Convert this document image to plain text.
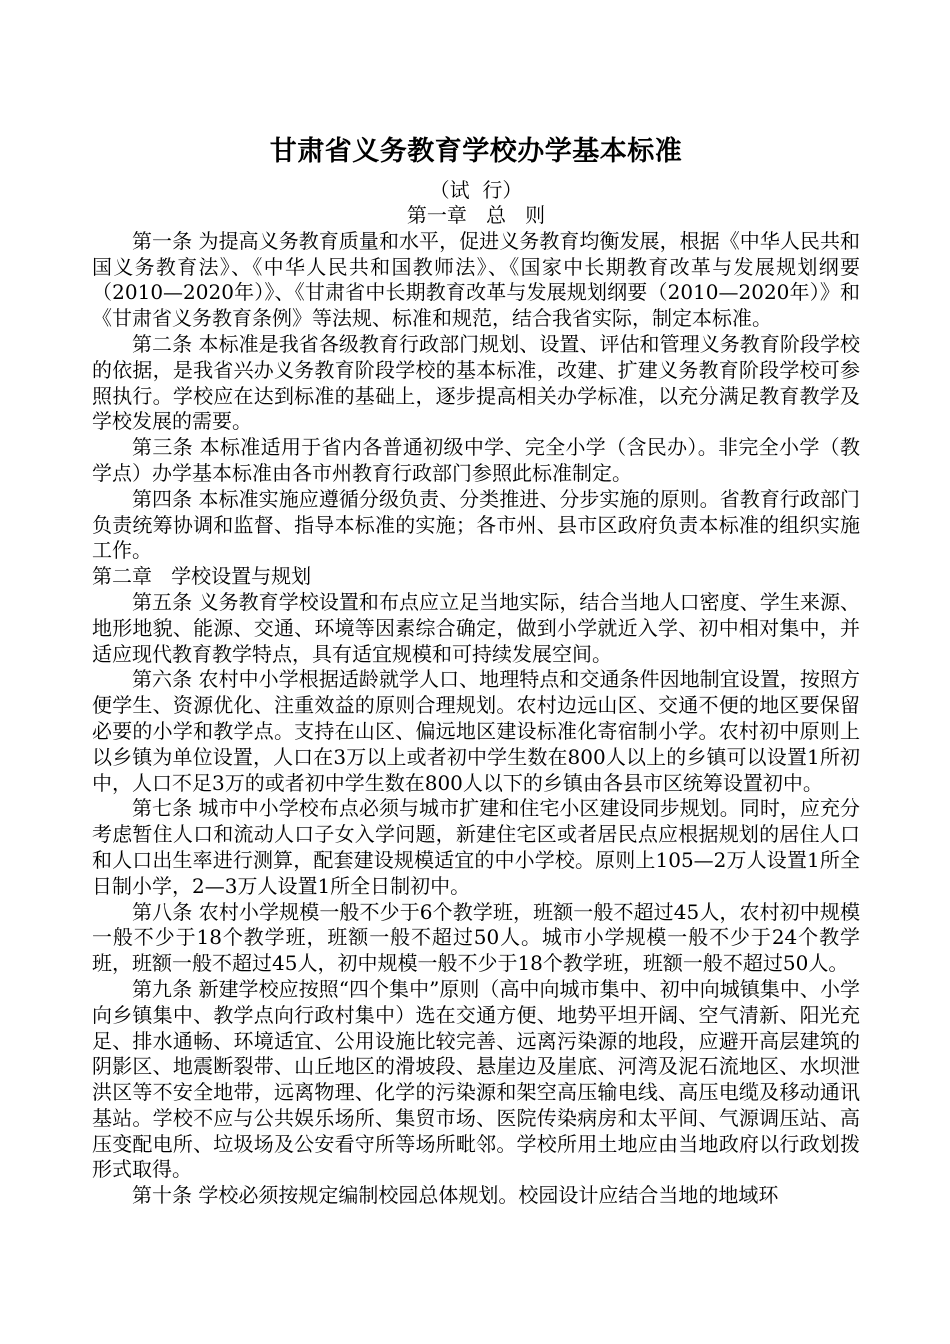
甘肃省义务教育学校办学基本标准
（试  行）
第一章   总   则

第一条 为提高义务教育质量和水平，促进义务教育均衡发展，根据《中华人民共和国义务教育法》、《中华人民共和国教师法》、《国家中长期教育改革与发展规划纲要（2010—2020年）》、《甘肃省中长期教育改革与发展规划纲要（2010—2020年）》和《甘肃省义务教育条例》等法规、标准和规范，结合我省实际，制定本标准。

第二条 本标准是我省各级教育行政部门规划、设置、评估和管理义务教育阶段学校的依据，是我省兴办义务教育阶段学校的基本标准，改建、扩建义务教育阶段学校可参照执行。学校应在达到标准的基础上，逐步提高相关办学标准，以充分满足教育教学及学校发展的需要。

第三条 本标准适用于省内各普通初级中学、完全小学（含民办）。非完全小学（教学点）办学基本标准由各市州教育行政部门参照此标准制定。

第四条 本标准实施应遵循分级负责、分类推进、分步实施的原则。省教育行政部门负责统筹协调和监督、指导本标准的实施；各市州、县市区政府负责本标准的组织实施工作。

第二章   学校设置与规划

第五条 义务教育学校设置和布点应立足当地实际，结合当地人口密度、学生来源、地形地貌、能源、交通、环境等因素综合确定，做到小学就近入学、初中相对集中，并适应现代教育教学特点，具有适宜规模和可持续发展空间。

第六条 农村中小学根据适龄就学人口、地理特点和交通条件因地制宜设置，按照方便学生、资源优化、注重效益的原则合理规划。农村边远山区、交通不便的地区要保留必要的小学和教学点。支持在山区、偏远地区建设标准化寄宿制小学。农村初中原则上以乡镇为单位设置，人口在3万以上或者初中学生数在800人以上的乡镇可以设置1所初中，人口不足3万的或者初中学生数在800人以下的乡镇由各县市区统筹设置初中。

第七条 城市中小学校布点必须与城市扩建和住宅小区建设同步规划。同时，应充分考虑暂住人口和流动人口子女入学问题，新建住宅区或者居民点应根据规划的居住人口和人口出生率进行测算，配套建设规模适宜的中小学校。原则上105—2万人设置1所全日制小学，2—3万人设置1所全日制初中。

第八条 农村小学规模一般不少于6个教学班，班额一般不超过45人，农村初中规模一般不少于18个教学班，班额一般不超过50人。城市小学规模一般不少于24个教学班，班额一般不超过45人，初中规模一般不少于18个教学班，班额一般不超过50人。

第九条 新建学校应按照“四个集中”原则（高中向城市集中、初中向城镇集中、小学向乡镇集中、教学点向行政村集中）选在交通方便、地势平坦开阔、空气清新、阳光充足、排水通畅、环境适宜、公用设施比较完善、远离污染源的地段，应避开高层建筑的阴影区、地震断裂带、山丘地区的滑坡段、悬崖边及崖底、河湾及泥石流地区、水坝泄洪区等不安全地带，远离物理、化学的污染源和架空高压输电线、高压电缆及移动通讯基站。学校不应与公共娱乐场所、集贸市场、医院传染病房和太平间、气源调压站、高压变配电所、垃圾场及公安看守所等场所毗邻。学校所用土地应由当地政府以行政划拨形式取得。

第十条 学校必须按规定编制校园总体规划。校园设计应结合当地的地域环
